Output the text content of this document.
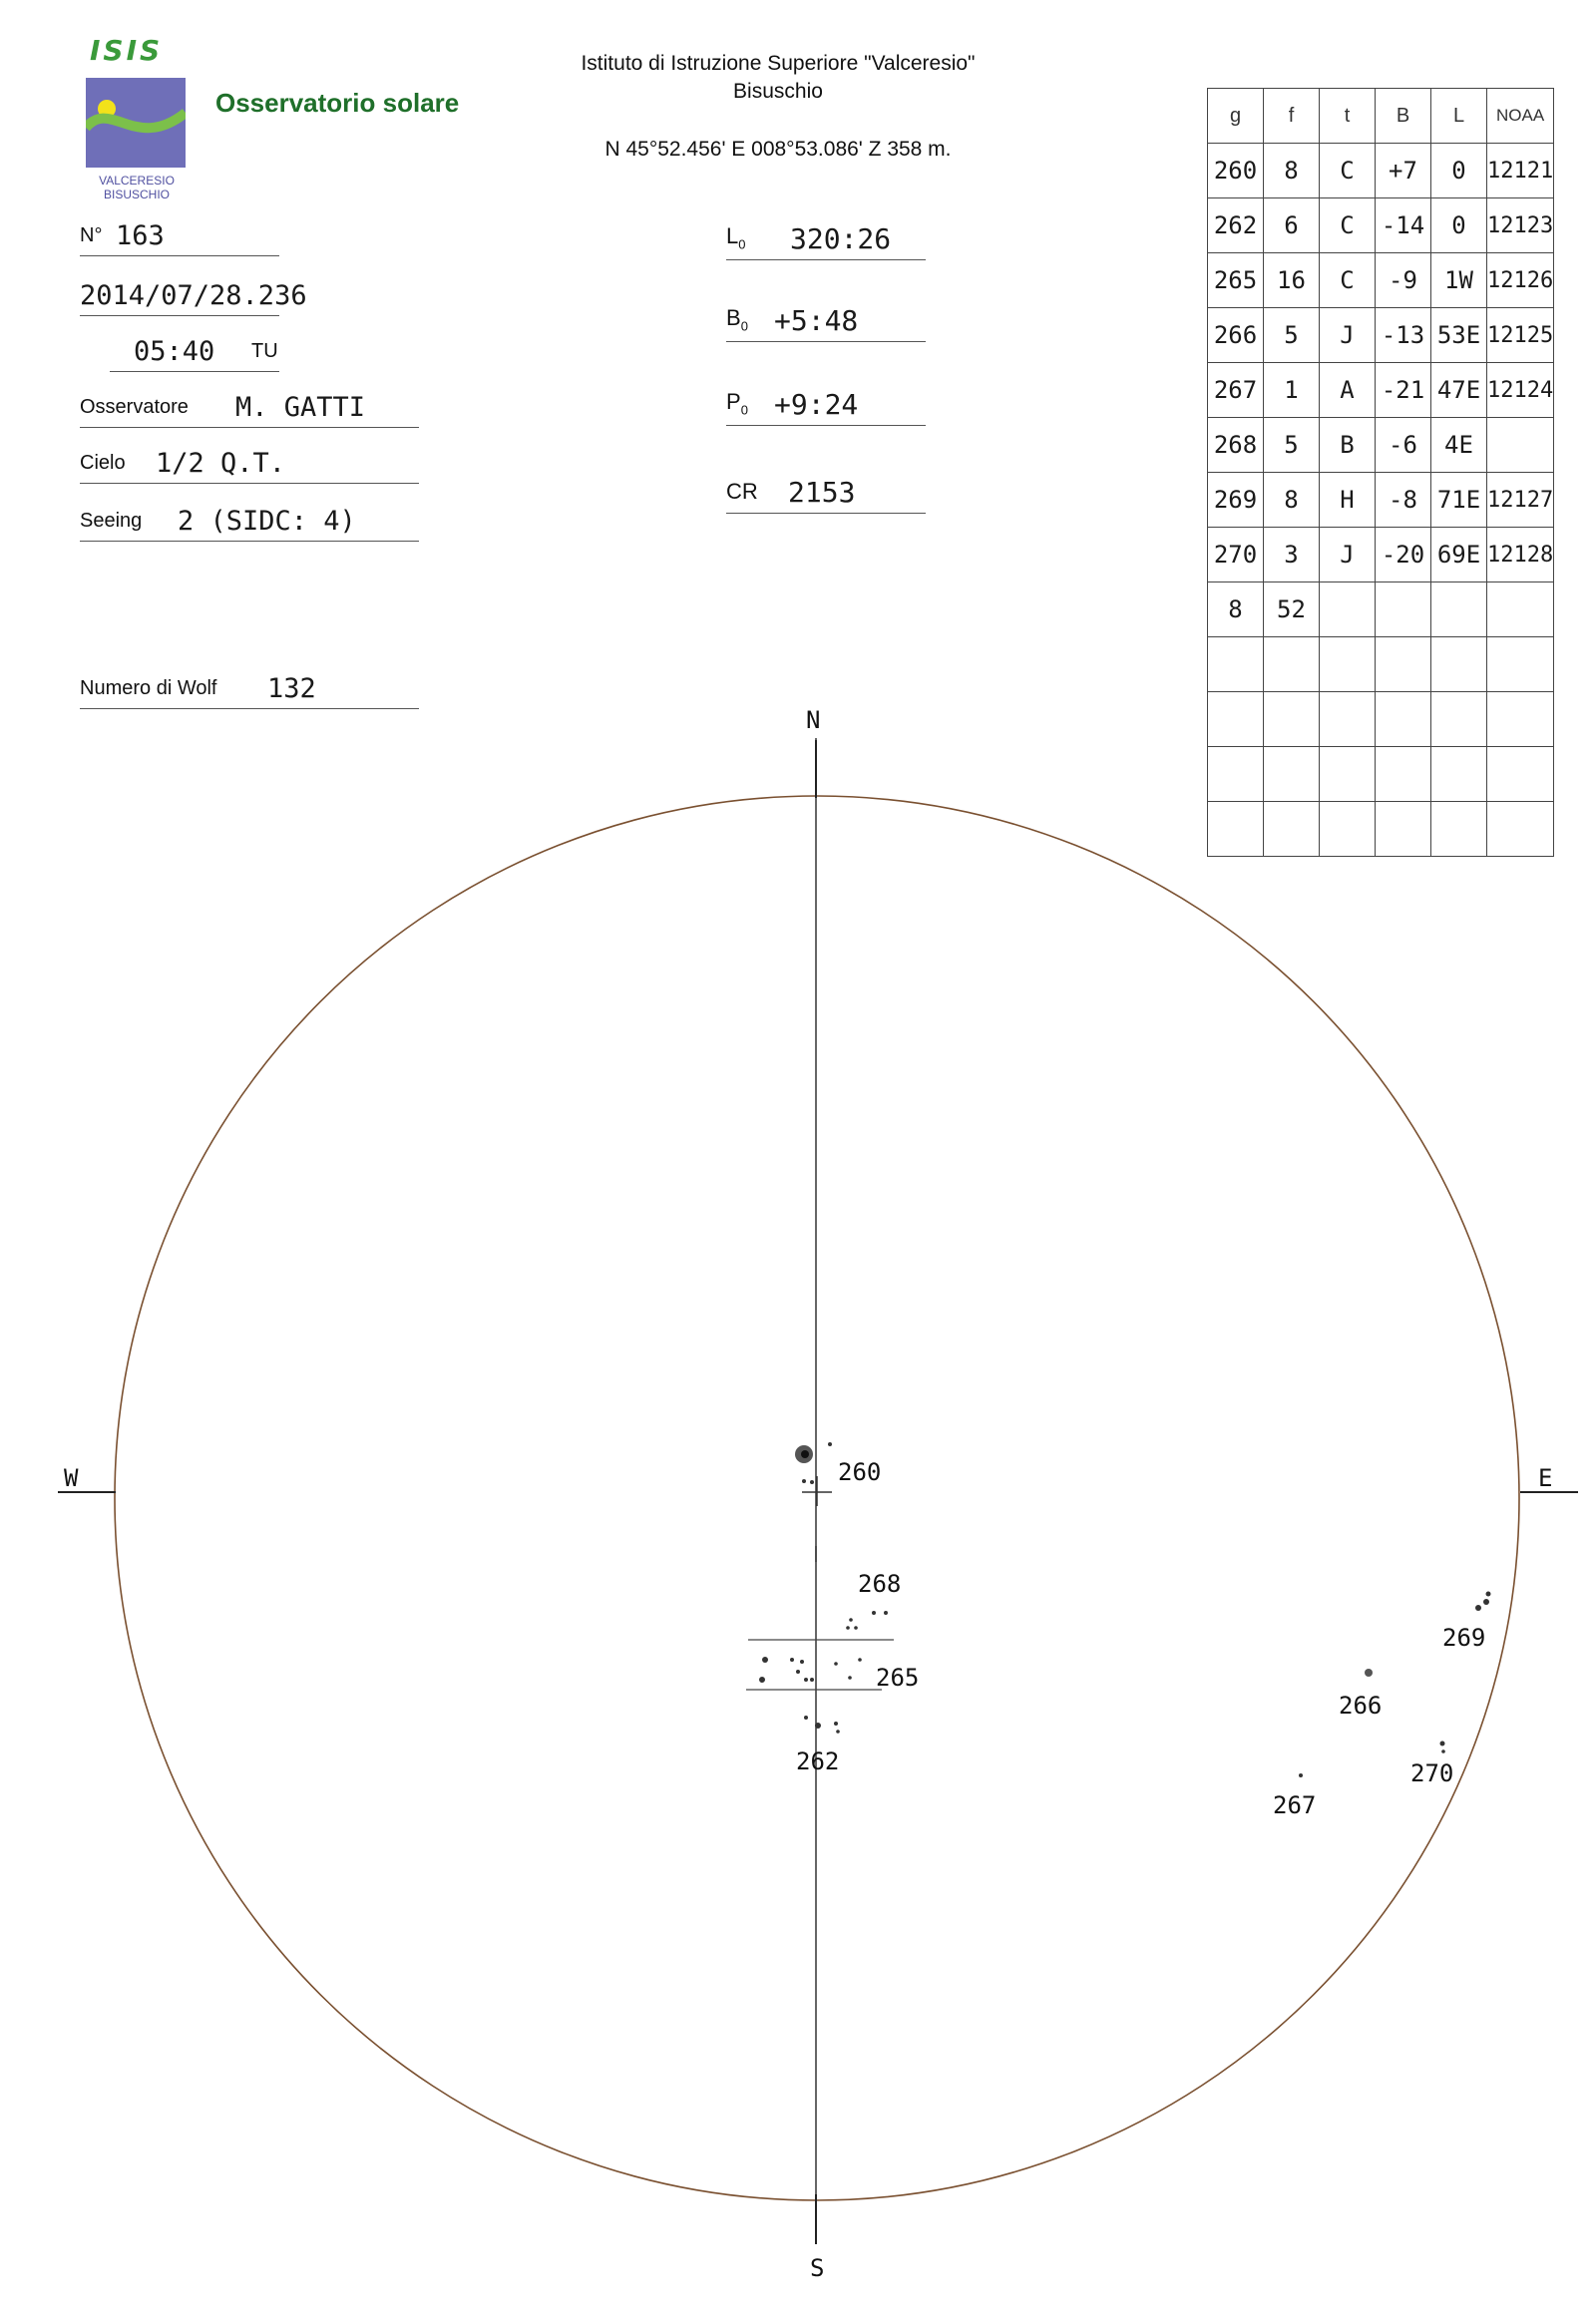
ISIS
VALCERESIO
BISUSCHIO
Osservatorio solare
Istituto di Istruzione Superiore "Valceresio"
Bisuschio
N 45°52.456' E 008°53.086' Z 358 m.
N° 163
2014/07/28.236
05:40 TU
Osservatore M. GATTI
Cielo 1/2 Q.T.
Seeing 2 (SIDC: 4)
Numero di Wolf 132
$L_0$ 320:26
$B_0$ +5:48
$P_0$ +9:24
CR 2153
g	f	t	B	L	NOAA
260	8	C	+7	0	12121
262	6	C	-14	0	12123
265	16	C	-9	1W	12126
266	5	J	-13	53E	12125
267	1	A	-21	47E	12124
268	5	B	-6	4E	
269	8	H	-8	71E	12127
270	3	J	-20	69E	12128
8	52				

N
S
W	E
260
268
265
262
269
266
270
267
